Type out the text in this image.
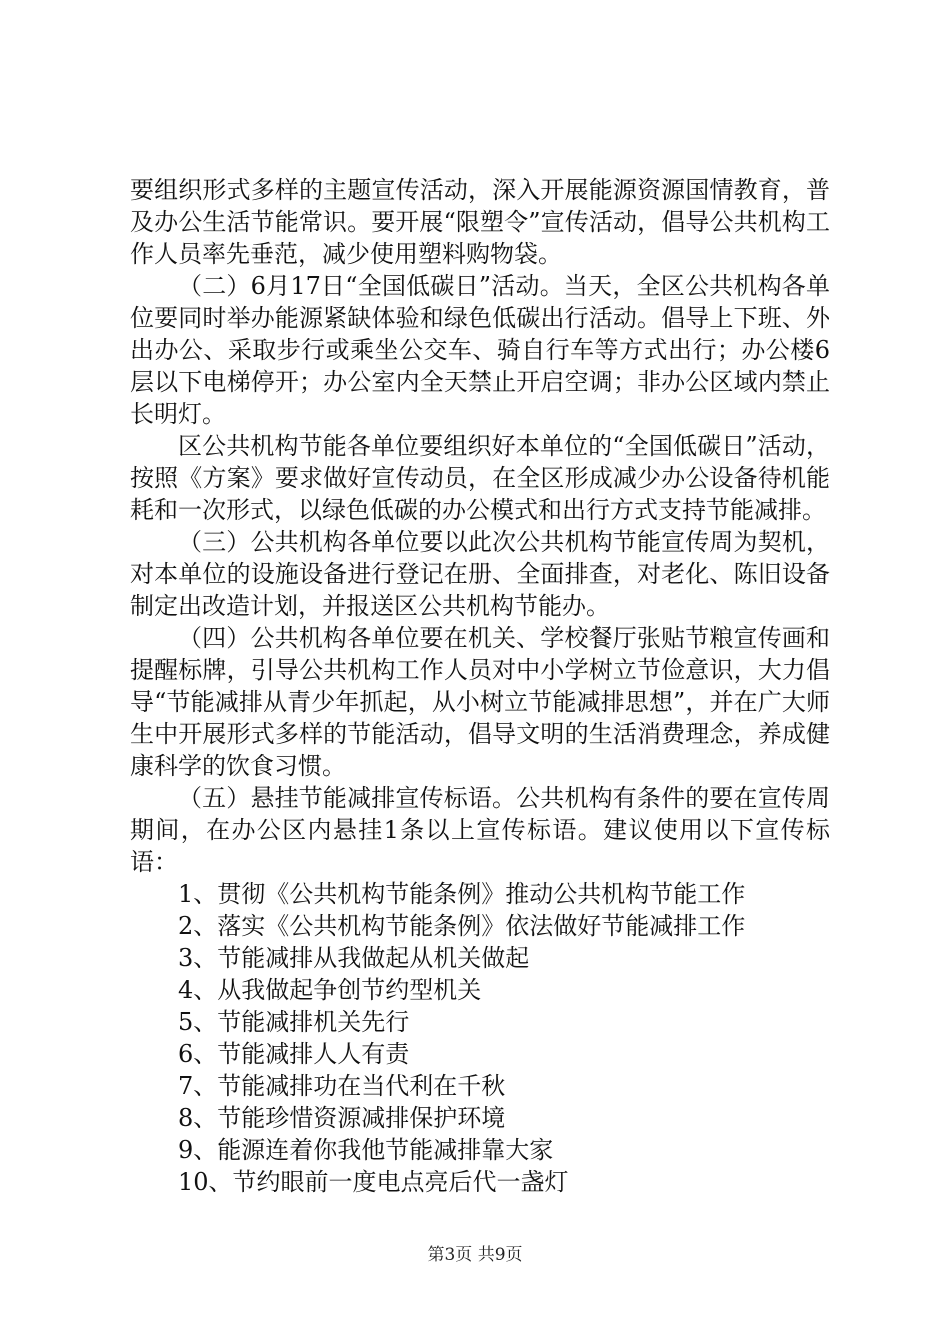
要组织形式多样的主题宣传活动，深入开展能源资源国情教育，普及办公生活节能常识。要开展“限塑令”宣传活动，倡导公共机构工作人员率先垂范，减少使用塑料购物袋。

（二）6月17日“全国低碳日”活动。当天，全区公共机构各单位要同时举办能源紧缺体验和绿色低碳出行活动。倡导上下班、外出办公、采取步行或乘坐公交车、骑自行车等方式出行；办公楼6层以下电梯停开；办公室内全天禁止开启空调；非办公区域内禁止长明灯。

区公共机构节能各单位要组织好本单位的“全国低碳日”活动，按照《方案》要求做好宣传动员，在全区形成减少办公设备待机能耗和一次形式，以绿色低碳的办公模式和出行方式支持节能减排。

（三）公共机构各单位要以此次公共机构节能宣传周为契机，对本单位的设施设备进行登记在册、全面排查，对老化、陈旧设备制定出改造计划，并报送区公共机构节能办。

（四）公共机构各单位要在机关、学校餐厅张贴节粮宣传画和提醒标牌，引导公共机构工作人员对中小学树立节俭意识，大力倡导“节能减排从青少年抓起，从小树立节能减排思想”，并在广大师生中开展形式多样的节能活动，倡导文明的生活消费理念，养成健康科学的饮食习惯。

（五）悬挂节能减排宣传标语。公共机构有条件的要在宣传周期间，在办公区内悬挂1条以上宣传标语。建议使用以下宣传标语：

1、贯彻《公共机构节能条例》推动公共机构节能工作

2、落实《公共机构节能条例》依法做好节能减排工作

3、节能减排从我做起从机关做起

4、从我做起争创节约型机关

5、节能减排机关先行

6、节能减排人人有责

7、节能减排功在当代利在千秋

8、节能珍惜资源减排保护环境

9、能源连着你我他节能减排靠大家

10、节约眼前一度电点亮后代一盏灯

第3页 共9页
